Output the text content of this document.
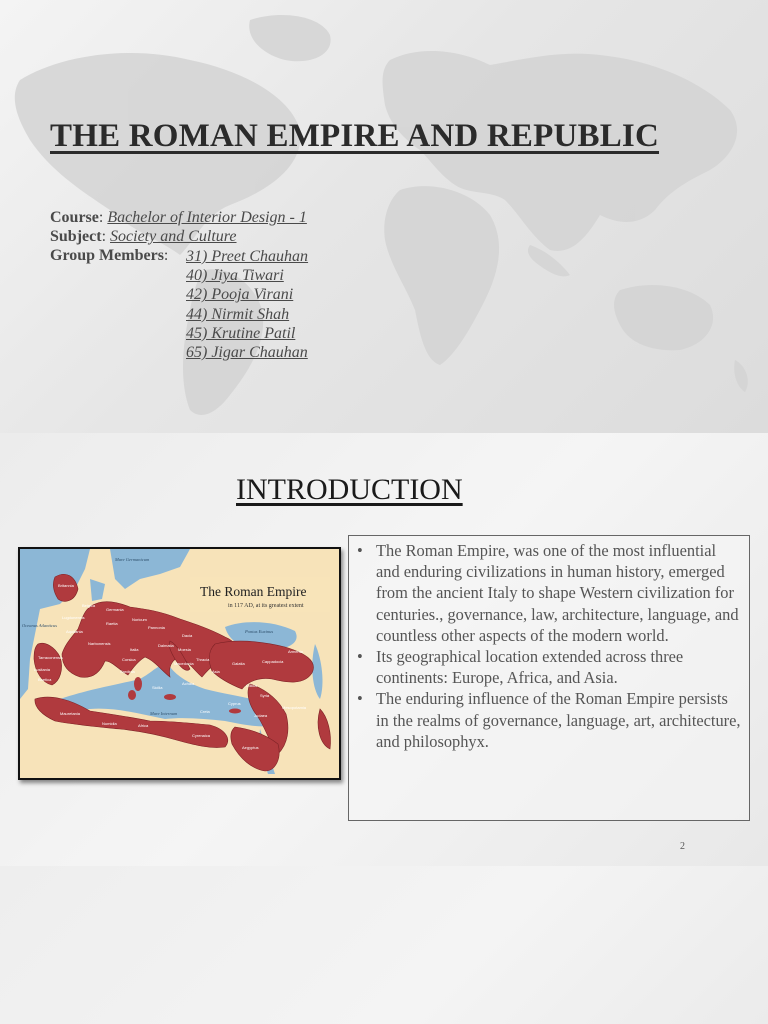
THE ROMAN EMPIRE AND REPUBLIC
Course: Bachelor of Interior Design - 1
Subject: Society and Culture
Group Members:	31) Preet Chauhan
40) Jiya Tiwari
42) Pooja Virani
44) Nirmit Shah
45) Krutine Patil
65) Jigar Chauhan
INTRODUCTION
The Roman Empire
in 117 AD, at its greatest extent
Britannia
Germania
Belgica
Lugdunensis
Aquitania
Raetia
Noricum
Pannonia
Dacia
Moesia
Thracia
Tarraconensis
Lusitania
Baetica
Narbonensis
Italia
Corsica
Sardinia
Sicilia
Dalmatia
Macedonia
Achaia
Asia
Galatia	Cappadocia
Armenia
Cilicia
Syria
Cyprus
Judaea
Aegyptus
Cyrenaica
Creta
Africa
Numidia
Mauretania
Mesopotamia
Oceanus Atlanticus
Mare Internum
Pontus Euxinus
Mare Germanicum
•	The Roman Empire, was one of the most influential and enduring civilizations in human history, emerged from the ancient Italy to shape Western civilization for centuries., governance, law, architecture, language, and countless other aspects of the modern world.
• Its geographical location extended across three continents: Europe, Africa, and Asia.
• The enduring influence of the Roman Empire persists in the realms of governance, language, art, architecture, and philosophyx.
2
